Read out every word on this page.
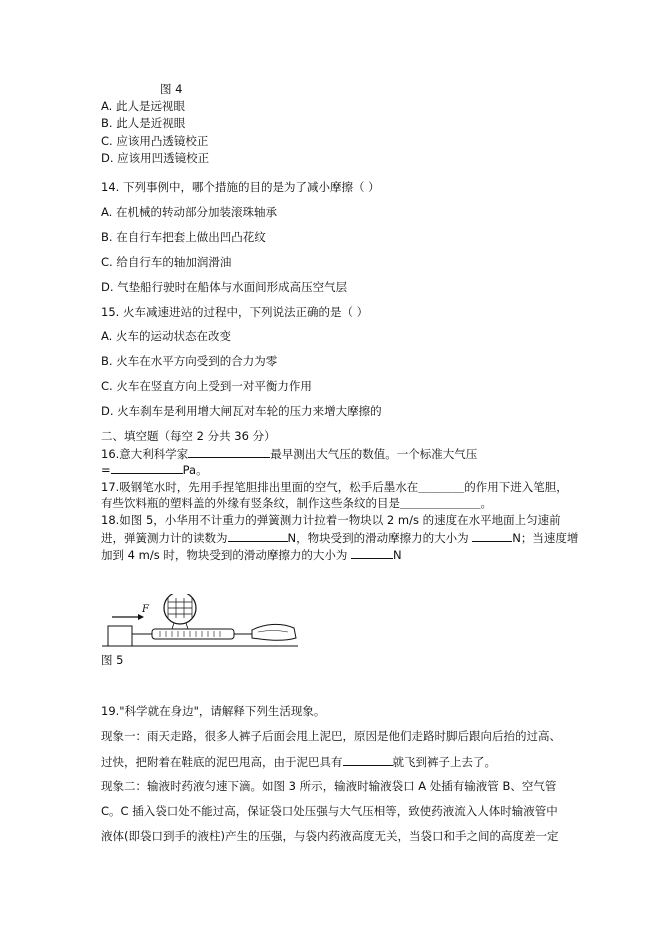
图 4
A. 此人是远视眼
B. 此人是近视眼
C. 应该用凸透镜校正
D. 应该用凹透镜校正
14. 下列事例中，哪个措施的目的是为了减小摩擦（ ）
A. 在机械的转动部分加装滚珠轴承
B. 在自行车把套上做出凹凸花纹
C. 给自行车的轴加润滑油
D. 气垫船行驶时在船体与水面间形成高压空气层
15. 火车减速进站的过程中，下列说法正确的是（ ）
A. 火车的运动状态在改变
B. 火车在水平方向受到的合力为零
C. 火车在竖直方向上受到一对平衡力作用
D. 火车刹车是利用增大闸瓦对车轮的压力来增大摩擦的
二、填空题（每空 2 分共 36 分）
16.意大利科学家	最早测出大气压的数值。一个标准大气压
=	Pa。
17.吸钢笔水时，先用手捏笔胆排出里面的空气，松手后墨水在＿＿＿＿的作用下进入笔胆，
有些饮料瓶的塑料盖的外缘有竖条纹，制作这些条纹的目是＿＿＿＿＿＿＿。
18.如图 5，小华用不计重力的弹簧测力计拉着一物块以 2 m/s 的速度在水平地面上匀速前
进，弹簧测力计的读数为	N，物块受到的滑动摩擦力的大小为	N；当速度增
加到 4 m/s 时，物块受到的滑动摩擦力的大小为	N
F
图 5
19."科学就在身边"，请解释下列生活现象。
现象一：雨天走路，很多人裤子后面会甩上泥巴，原因是他们走路时脚后跟向后抬的过高、
过快，把附着在鞋底的泥巴甩高，由于泥巴具有	就飞到裤子上去了。
现象二：输液时药液匀速下滴。如图 3 所示，输液时输液袋口 A 处插有输液管 B、空气管
C。C 插入袋口处不能过高，保证袋口处压强与大气压相等，致使药液流入人体时输液管中
液体(即袋口到手的液柱)产生的压强，与袋内药液高度无关，当袋口和手之间的高度差一定
